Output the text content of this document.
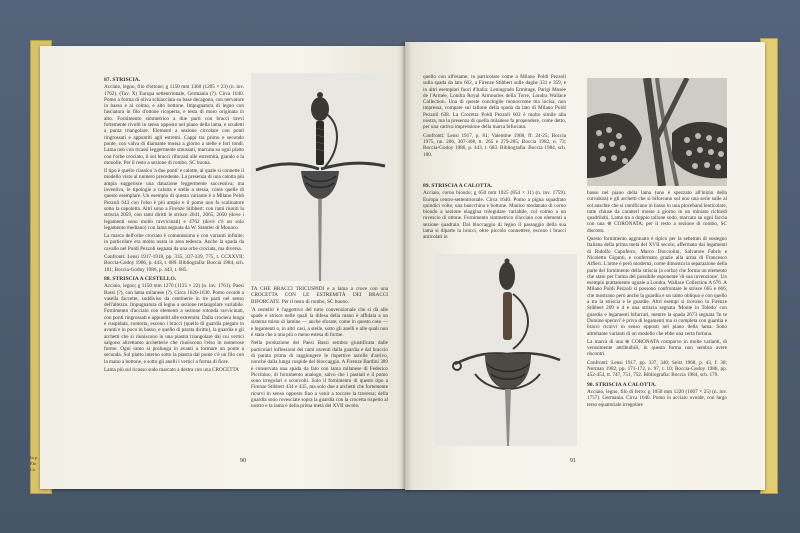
In p Elo Co
87. STRISCIA.

Acciaio, legno, filo d'ottone; g 1150 mm 1360 (1205 × 23) (n. inv. 1762). (Tav. X) Europa settentrionale, Germania (?). Circa 1640. Pomo a forma di oliva schiacciata su base decagona, con nervature in basso e al colmo, e alto bottone. Impugnatura di legno con fasciatura in filo d'ottone ricoperta, e testa di moro originata in alto. Fornimento simmetrico a due parti con bracci brevi fortemente rivolti in senso opposto nel piano della lama, e scudetti a punta triangolare. Elementi a sezione circolare con ponti ringrossati e appuntiti agli estremi. Cappi tra primo e secondo ponte, con valva di diamante mossa a giorno a stelle e fori tondi. Lama non con ricassi leggermente smussati, marcata su ogni piatto con l'orbe crociato, il sol bracci riforzati alle estremità, giando e la monolle. Per il resto a sezione di rombo. SC buona.

Il tipo è quello classico 'a due ponti' e calotte, al quale si connette il modello visto al numero precedente. La presenza di una calotta più ampia suggerisce una datazione leggermente successiva; ma inventiva, le tipologie a calotta e stelle a stessa, come quelle di questo esemplare. Un esempio di questa variante è a Milano Poldi Pezzoli 643 con l'elso è più ampio e il pomo non fa scalinature sotto la capoletta. Altri sono a Firenze Stibbert: con rami riuniti la striscia 2059, con rami diritti le strisce 2041, 2065, 2050 (dove i legamenti sono molto ravvicinati) e 4762 (dove c'è un solo legamento mediano) con lama segnata da W. Stantler di Monaco.

La marca dell'orbe crociato è comunissima e con varianti infinite; in particolare era molto usata in area tedesca. Anche la spada da cavallo nel Poldi Pezzoli segnata da una orbe crociata, ma diversa.

Confronti: Lensi 1917-1918, pp. 335, 337-339, 775, t. CCXXVII; Boccia-Godoy 1986, p. 443, t. 689. Bibliografia: Boccia 1984, sch. 181; Boccia-Godoy 1986, p. 443, t. 685.

88. STRISCIA A CESTELLO.

Acciaio, legno; g 1150 mm 1270 (1125 × 22) (n. inv. 1761). Paesi Bassi (?), con lama milanese (?). Circa 1620-1630. Pomo ovoide a vasella faccette, suddiviso da centinerie in tre parti nel senso dell'altezza. Impugnatura di legno a sezione rettangolare variabile. Fornimento d'acciaio con elementi a sezione rotonda ravvicinati, con ponti ringrossati e appuntiti alle estremità. Dalla crociera lunga e cuspidata, contorta, escono i bracci (quello di guardia piegato in avanti e in poco in basso, e quello di parata diritto), la guardia e gli archetti che si riuniscono in una piastra triangolare dai cui vertici salgono altrettanto archetterie che riuniscono l'elso in numerose forme. Ogni ramo si prolunga in avanti a formare un ponte a seconda. Sul piatto interno sotto la piastra dal ponte c'è un filo con la mano a bottone, e sotto gli anelli i vertici a forma di fiore.

Lama più sul ricasso sudo marcato a destra con una CROCETTA

TA CHE BRACCI TRICUSPIDI e a lama a croce con una CROCETTA CON LE ESTREMITÀ DEI BRACCI BIFORCATE. Per il resto di rombo, SC buono.

'A cestello' è l'aggettivo del tutto convenzionale che si dà alle spade e strisce nelle quali la difesa della mano è affidata a un sistema misto di lamine — anche sforate, come in questo caso — e legamenti o, in altri casi, a stelle, sotto gli anelli e alle quali non è stata che a una più o meno estesa di forme.

Nella produzione dei Paesi Bassi sembra giustificata dalle particolari inflessioni dei rami uscenti dalla guardia e dal braccio di parata prima di raggiungere le rispettive ascelle d'arrivo, nonché dalla lunga cuspide del bloccaggio. A Firenze Bardini 389 è conservata una spada da fato con lama milanese di Federico Piccinino, di fornimento analogo, salvo che i pastiali e il pomo sono irregolari e sconvolti. Solo il fornimento di questo tipo a Firenze Stibbert 434 e 435, ma solo due a archetti che fortemente ricurvi in senso opposto fino a venir a toccare la traversa; della guardia sono rovesciate sopra la guardia con la crocetta rispetto al nostro e la lama è della prima metà del XVII secolo.

90

quello con all'esame; in particolare come a Milano Poldi Pezzoli sulla spada da lato 602, a Firenze Stibbert sulle daghe 331 e 359, e in altri esemplari fuori d'Italia: Leningrado Ermitage, Parigi Musée de l'Armée, Londra Royal Armouries della Torre, Londra Wallace Collection. Una di queste conchiglie monocrome ma incisa, non impressa, compare sul tallone della spada da lato di Milano Poldi Pezzoli 638. La Crocetta Poldi Pezzoli 602 è molto simile alla nostra, ma la presenza di quella milanese fa propendere, come detto, per una cattiva impressione della marca bifurcata.

Confronti: Lensi 1917, p. 81; Valentine 1968, ff. 24-25; Boccia 1975, nn. 206, 307-308, tt. 265 e 279-285; Boccia 1982, n. 73; Boccia-Godoy 1986, p. 443, t. 683. Bibliografia: Boccia 1984, sch. 180.

89. STRISCIA A CALOTTA.

Acciaio, corno biondo; g 650 mm 1025 (854 × 11) (n. inv. 1759). Europa centro-settentrionale. Circa 1640. Pomo a pigna squadrato quindici volte, una bancchina e bottone. Manico modanato di corno biondo a sezione elaggina trilegidare variabile, col colmo a un rovescio di ottone. Fornimento simmetrico d'acciaio con elementi a sezione quadrata. Dal bloccaggio di legno il passaggio della sua lama si diparte la bracci, oltre piccolo connettere, escono i bracci anticolati in

basso nel piano della lama (uno è spezzato all'inizio della curvatura) e gli archetti che si biforcano sul uno una serie sulle al sol anschte che si ramificano in basso in una ploceband lenticolare, tutte chiuse da caratteri mosse a giorno in un miniato richiedi quadrilobi. Lama tra a doppio tallone sodo, marcato su ogni faccia con una ⊕ CORONATA; per il resto a sezione di rombo, SC discreto.

Questo fornimento aggrauato è tipico per la sebemm di sostegno Italiana della prima metà del XVII secolo, affermato dai legamenti di Ridolfo Capoferro, Marco Docciolini, Salvatore Fabris e Nicoletto Giganti, e confermato grazie alla arma di Francesco Alfieri. L'arme è però moderna, come dimostra la separazione della parte del fornimento della striscia (a corba) che forma un elemento che stato per l'arma del possibile esponente 'di sua invenzione'. Un esempio prattamente uguale a Londra, Wallace Collection A 676. A Milano Poldi Pezzoli si possono confrontare le strisce 665 e 666, che mostrano però anche la guardia e un ramo obliquo e con quello a tra la striscia e le guardie. Altri esempi si trovano in Firenze Stibbert 209 e 4 e una striscia segnata 'Monte in Toledo' con guardia e legamenti bifurcati, mentre la spada 2673 segnata 'In te Domine speravi' è priva di legamenti ma si completa con guardia e bracci ricurvi in senso opposti nel piano della lama. Sono altrettante varianti di un modello che ebbe una certa fortuna.

La marca di una ⊕ CORONATA comparve in molte varianti, di verosimente attribuibili, in questa forma non sembra avere riscontri.

Confronti: Lensi 1917, pp. 337, 340; Seitz 1968, p. 43, f. 38; Norman 1982, pp. 171-172, n. 97, t. 10; Boccia-Godoy 1986, pp. 452-453, tt. 747, 751, 752. Bibliografia: Boccia 1984, sch. 179.

90. STRISCIA A CALOTTA.

Acciaio, legno, filo di ferro; g 1050 mm 1220 (1067 × 25) (n. inv. 1757). Germania. Circa 1640. Pomo in acciaio ovoide, con largo terso equatoriale irregolare

91
